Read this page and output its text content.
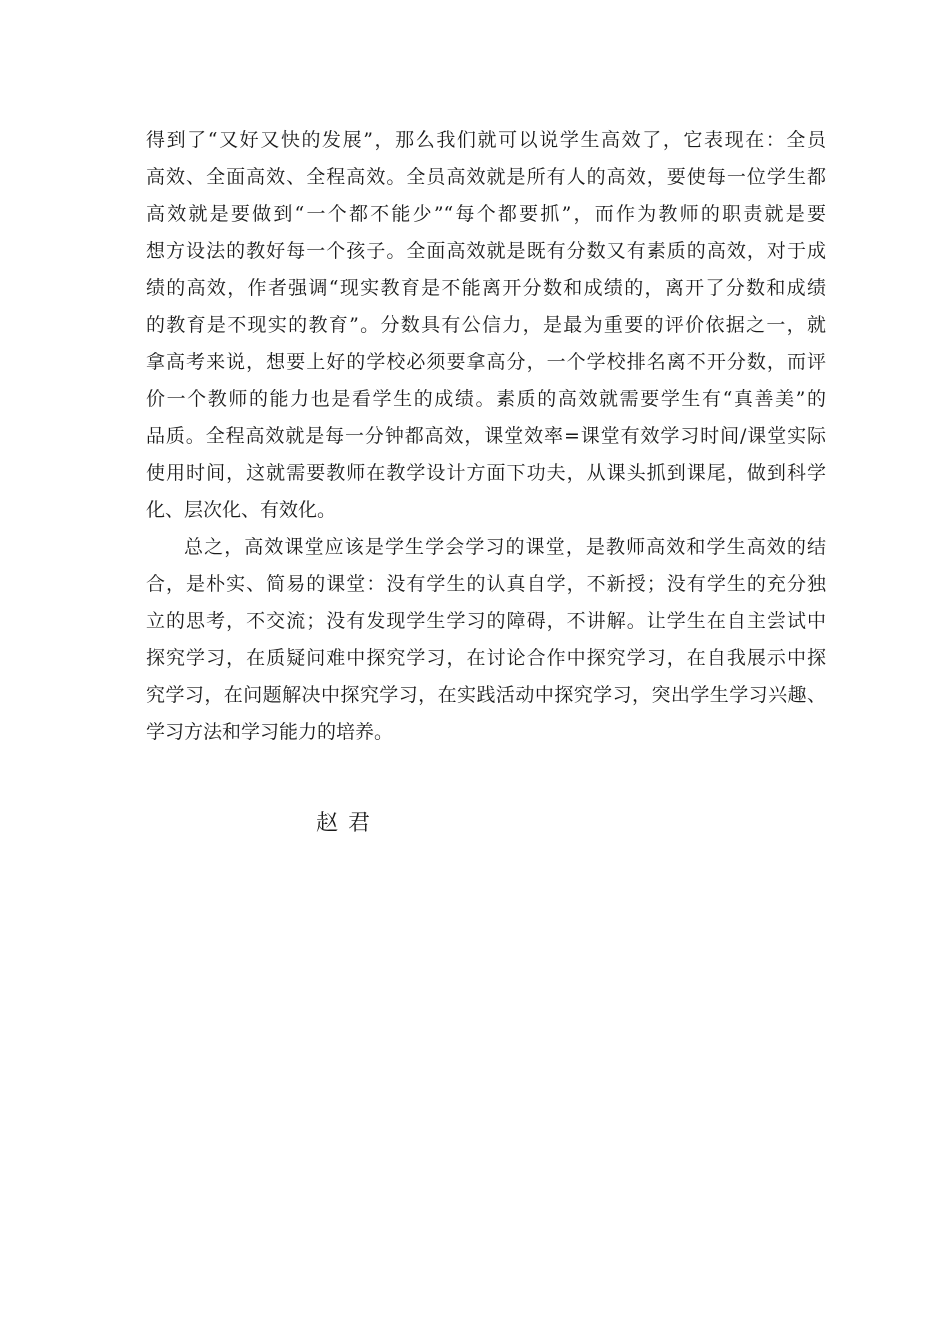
得到了“又好又快的发展”，那么我们就可以说学生高效了，它表现在：全员
高效、全面高效、全程高效。全员高效就是所有人的高效，要使每一位学生都
高效就是要做到“一个都不能少”“每个都要抓”，而作为教师的职责就是要
想方设法的教好每一个孩子。全面高效就是既有分数又有素质的高效，对于成
绩的高效，作者强调“现实教育是不能离开分数和成绩的，离开了分数和成绩
的教育是不现实的教育”。分数具有公信力，是最为重要的评价依据之一，就
拿高考来说，想要上好的学校必须要拿高分，一个学校排名离不开分数，而评
价一个教师的能力也是看学生的成绩。素质的高效就需要学生有“真善美”的
品质。全程高效就是每一分钟都高效，课堂效率=课堂有效学习时间/课堂实际
使用时间，这就需要教师在教学设计方面下功夫，从课头抓到课尾，做到科学
化、层次化、有效化。
总之，高效课堂应该是学生学会学习的课堂，是教师高效和学生高效的结
合，是朴实、简易的课堂：没有学生的认真自学，不新授；没有学生的充分独
立的思考，不交流；没有发现学生学习的障碍，不讲解。让学生在自主尝试中
探究学习，在质疑问难中探究学习，在讨论合作中探究学习，在自我展示中探
究学习，在问题解决中探究学习，在实践活动中探究学习，突出学生学习兴趣、
学习方法和学习能力的培养。
赵君
